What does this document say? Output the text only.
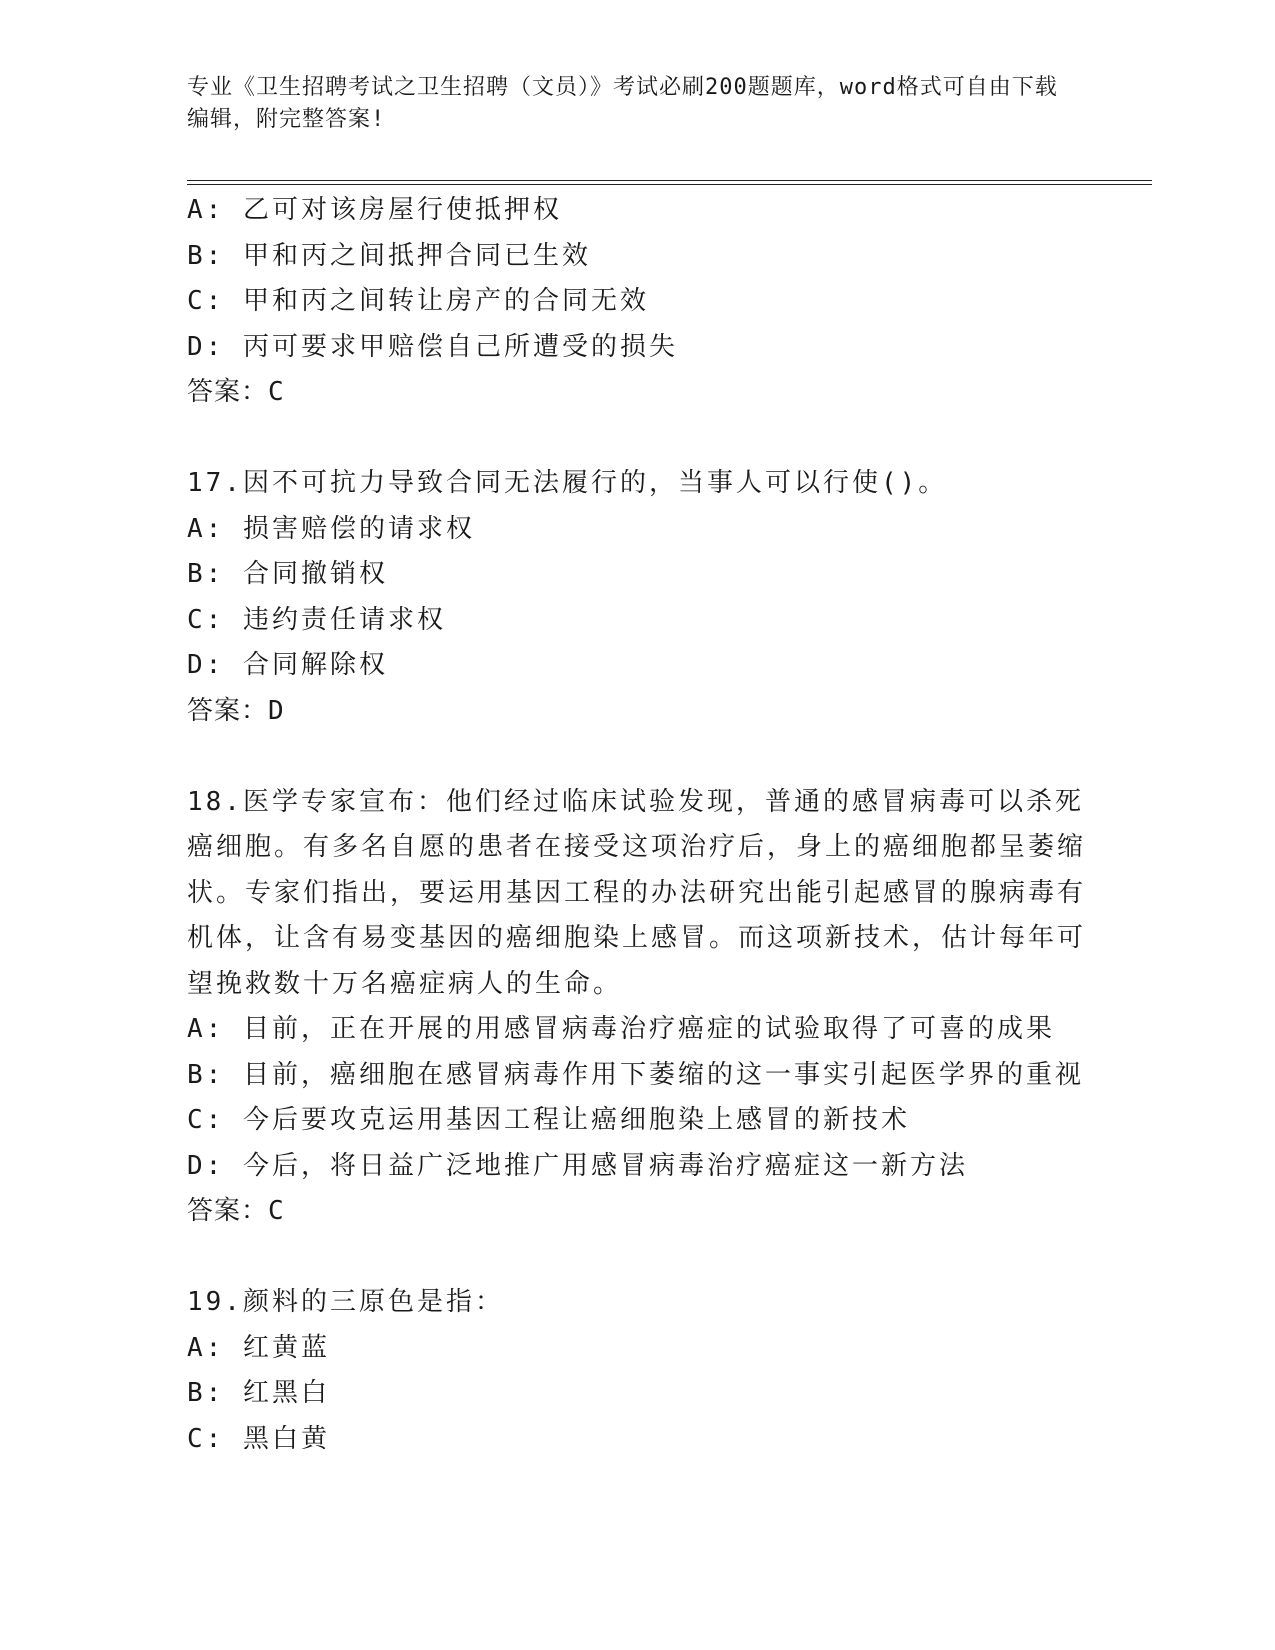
专业《卫生招聘考试之卫生招聘（文员）》考试必刷200题题库，word格式可自由下载编辑，附完整答案!
A: 乙可对该房屋行使抵押权
B: 甲和丙之间抵押合同已生效
C: 甲和丙之间转让房产的合同无效
D: 丙可要求甲赔偿自己所遭受的损失
答案：C
17.因不可抗力导致合同无法履行的，当事人可以行使()。
A: 损害赔偿的请求权
B: 合同撤销权
C: 违约责任请求权
D: 合同解除权
答案：D
18.医学专家宣布：他们经过临床试验发现，普通的感冒病毒可以杀死癌细胞。有多名自愿的患者在接受这项治疗后，身上的癌细胞都呈萎缩状。专家们指出，要运用基因工程的办法研究出能引起感冒的腺病毒有机体，让含有易变基因的癌细胞染上感冒。而这项新技术，估计每年可望挽救数十万名癌症病人的生命。
A: 目前，正在开展的用感冒病毒治疗癌症的试验取得了可喜的成果
B: 目前，癌细胞在感冒病毒作用下萎缩的这一事实引起医学界的重视
C: 今后要攻克运用基因工程让癌细胞染上感冒的新技术
D: 今后，将日益广泛地推广用感冒病毒治疗癌症这一新方法
答案：C
19.颜料的三原色是指：
A: 红黄蓝
B: 红黑白
C: 黑白黄
